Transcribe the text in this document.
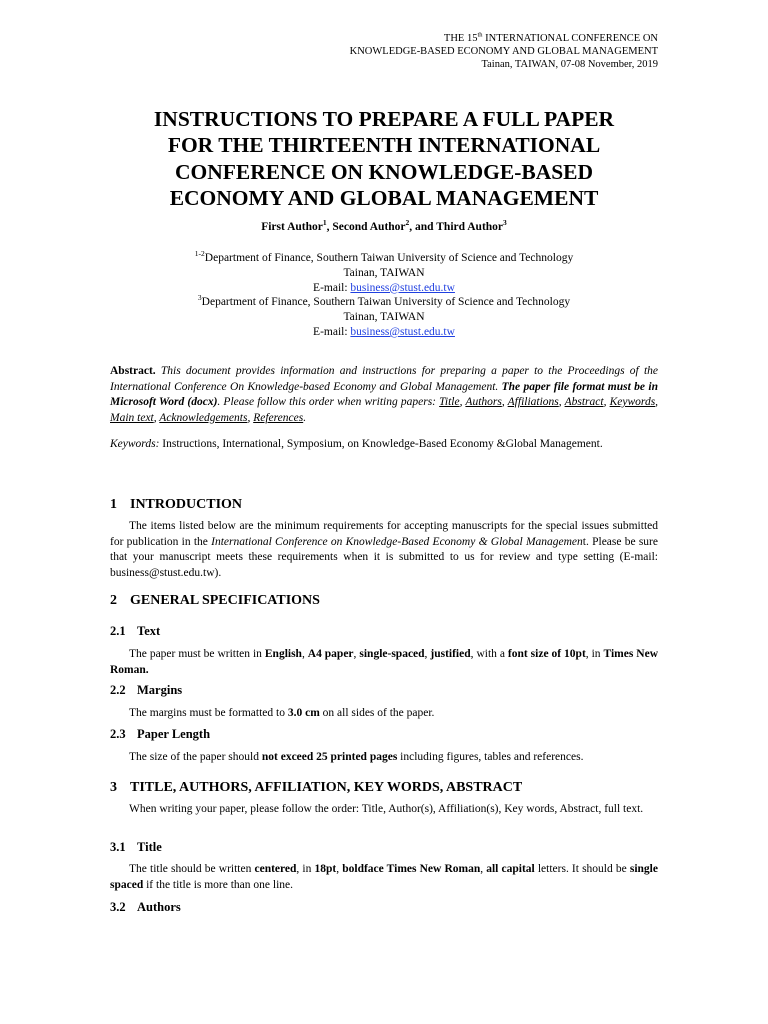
THE 15th INTERNATIONAL CONFERENCE ON
KNOWLEDGE-BASED ECONOMY AND GLOBAL MANAGEMENT
Tainan, TAIWAN, 07-08 November, 2019
INSTRUCTIONS TO PREPARE A FULL PAPER
FOR THE THIRTEENTH INTERNATIONAL
CONFERENCE ON KNOWLEDGE-BASED
ECONOMY AND GLOBAL MANAGEMENT
First Author$^1$, Second Author$^2$, and Third Author$^3$
$^{1-2}$Department of Finance, Southern Taiwan University of Science and Technology
Tainan, TAIWAN
E-mail: business@stust.edu.tw
$^3$Department of Finance, Southern Taiwan University of Science and Technology
Tainan, TAIWAN
E-mail: business@stust.edu.tw

Abstract. This document provides information and instructions for preparing a paper to the Proceedings of the International Conference On Knowledge-based Economy and Global Management. The paper file format must be in Microsoft Word (docx). Please follow this order when writing papers: Title, Authors, Affiliations, Abstract, Keywords, Main text, Acknowledgements, References.

Keywords: Instructions, International, Symposium, on Knowledge-Based Economy &Global Management.

1 INTRODUCTION

The items listed below are the minimum requirements for accepting manuscripts for the special issues submitted for publication in the International Conference on Knowledge-Based Economy & Global Management. Please be sure that your manuscript meets these requirements when it is submitted to us for review and type setting (E-mail: business@stust.edu.tw).

2 GENERAL SPECIFICATIONS
2.1 Text

The paper must be written in English, A4 paper, single-spaced, justified, with a font size of 10pt, in Times New Roman.

2.2 Margins

The margins must be formatted to 3.0 cm on all sides of the paper.

2.3 Paper Length

The size of the paper should not exceed 25 printed pages including figures, tables and references.

3 TITLE, AUTHORS, AFFILIATION, KEY WORDS, ABSTRACT

When writing your paper, please follow the order: Title, Author(s), Affiliation(s), Key words, Abstract, full text.

3.1 Title

The title should be written centered, in 18pt, boldface Times New Roman, all capital letters. It should be single spaced if the title is more than one line.

3.2 Authors
